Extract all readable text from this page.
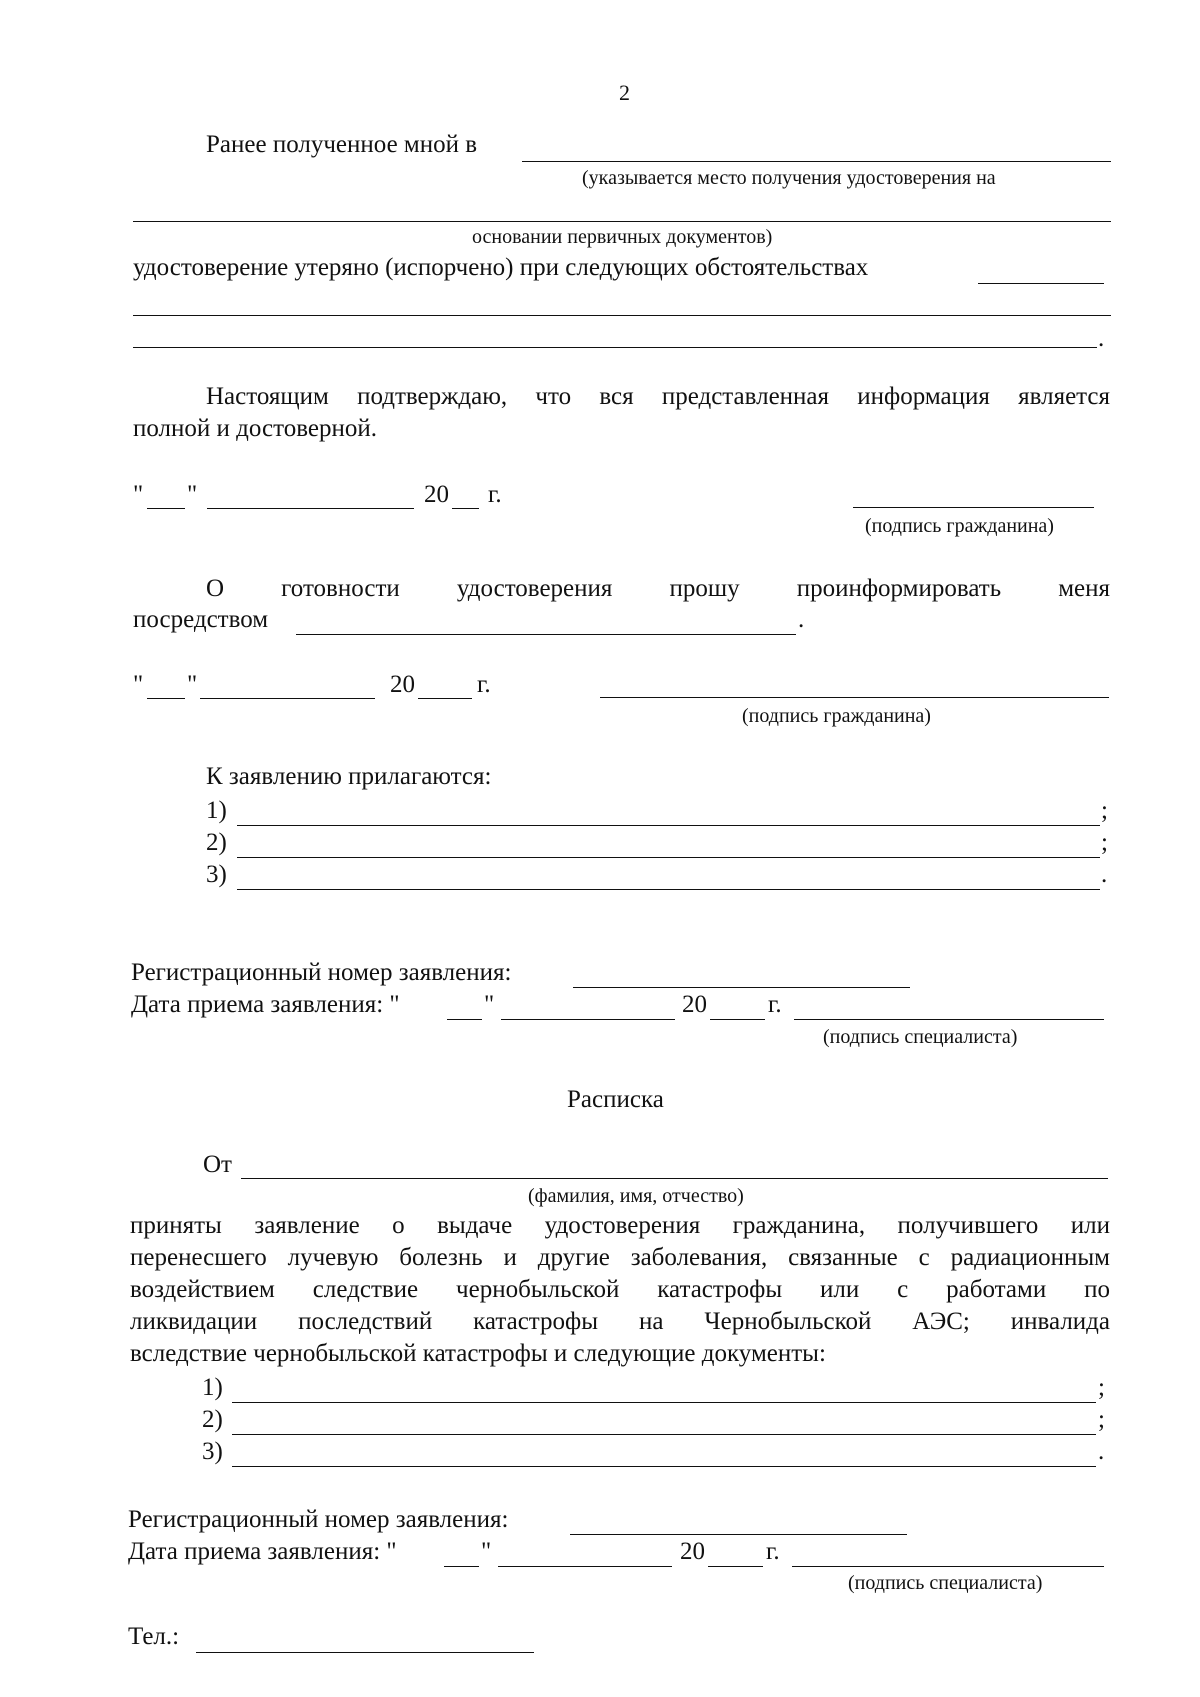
2
Ранее полученное мной в
(указывается место получения удостоверения на
основании первичных документов)
удостоверение утеряно (испорчено) при следующих обстоятельствах
.
Настоящим подтверждаю, что вся представленная информация является
полной и достоверной.
" "	20 г.
(подпись гражданина)
О готовности удостоверения прошу проинформировать меня
посредством	.
" "	20 г.
(подпись гражданина)
К заявлению прилагаются:
1)	;
2)	;
3)	.
Регистрационный номер заявления:
Дата приема заявления: "	"	20 г.
(подпись специалиста)
Расписка
От
(фамилия, имя, отчество)
приняты заявление о выдаче удостоверения гражданина, получившего или
перенесшего лучевую болезнь и другие заболевания, связанные с радиационным
воздействием следствие чернобыльской катастрофы или с работами по
ликвидации последствий катастрофы на Чернобыльской АЭС; инвалида
вследствие чернобыльской катастрофы и следующие документы:
1)	;
2)	;
3)	.
Регистрационный номер заявления:
Дата приема заявления: "	"	20 г.
(подпись специалиста)
Тел.:
